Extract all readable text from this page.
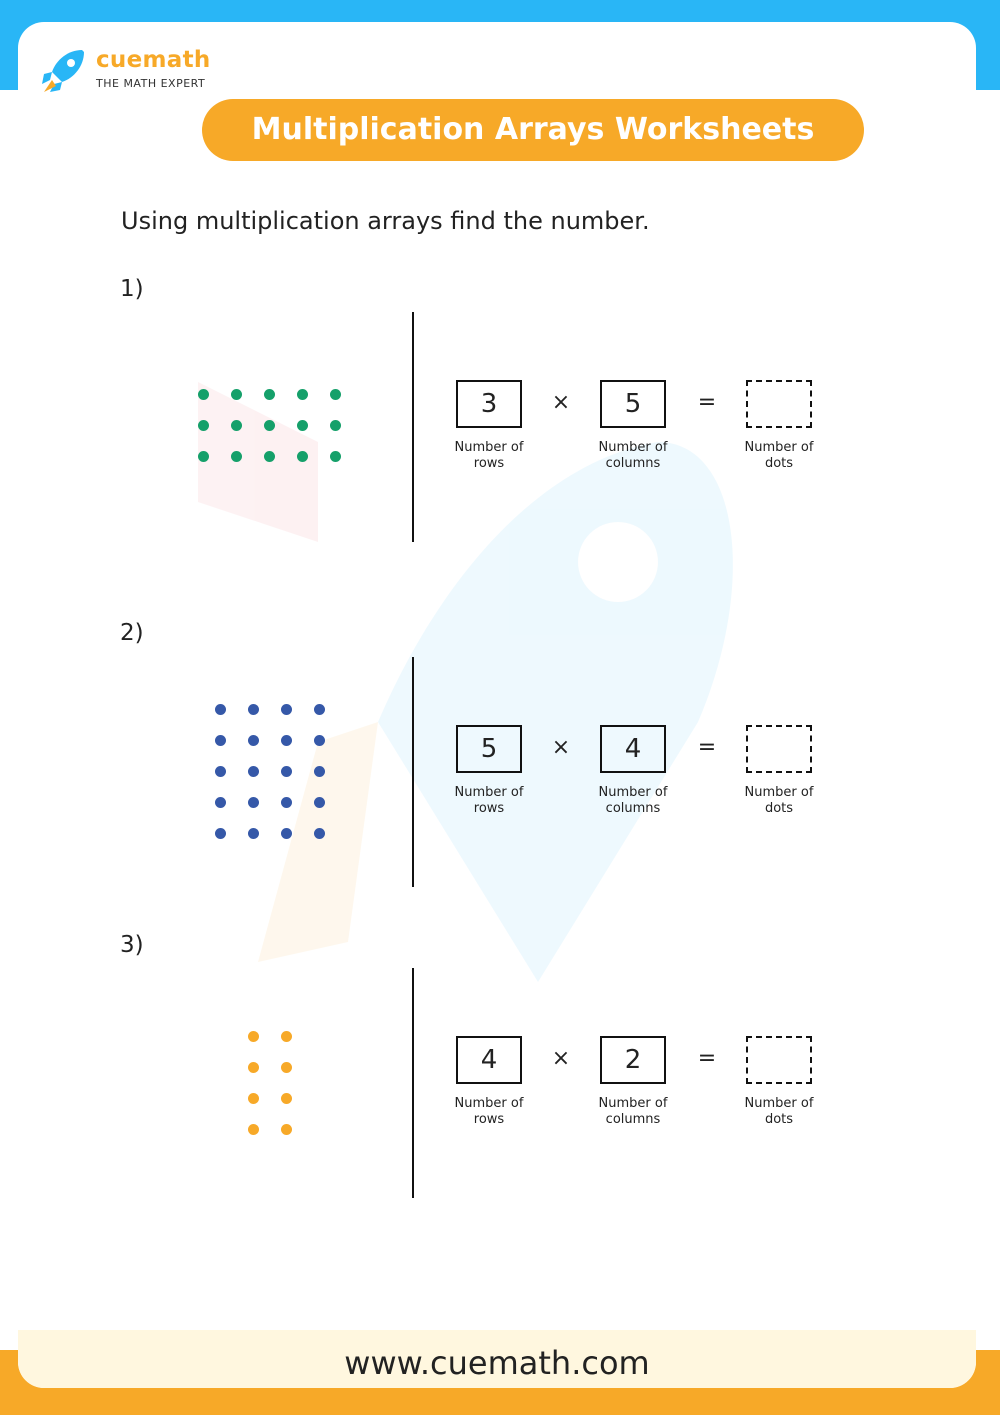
cuemath
THE MATH EXPERT
Multiplication Arrays Worksheets
Using multiplication arrays find the number.
1)
3	×	5	=
Number of
rows
Number of
columns
Number of
dots
2)
5	×	4	=
Number of
rows
Number of
columns
Number of
dots
3)
4	×	2	=
Number of
rows
Number of
columns
Number of
dots
www.cuemath.com
